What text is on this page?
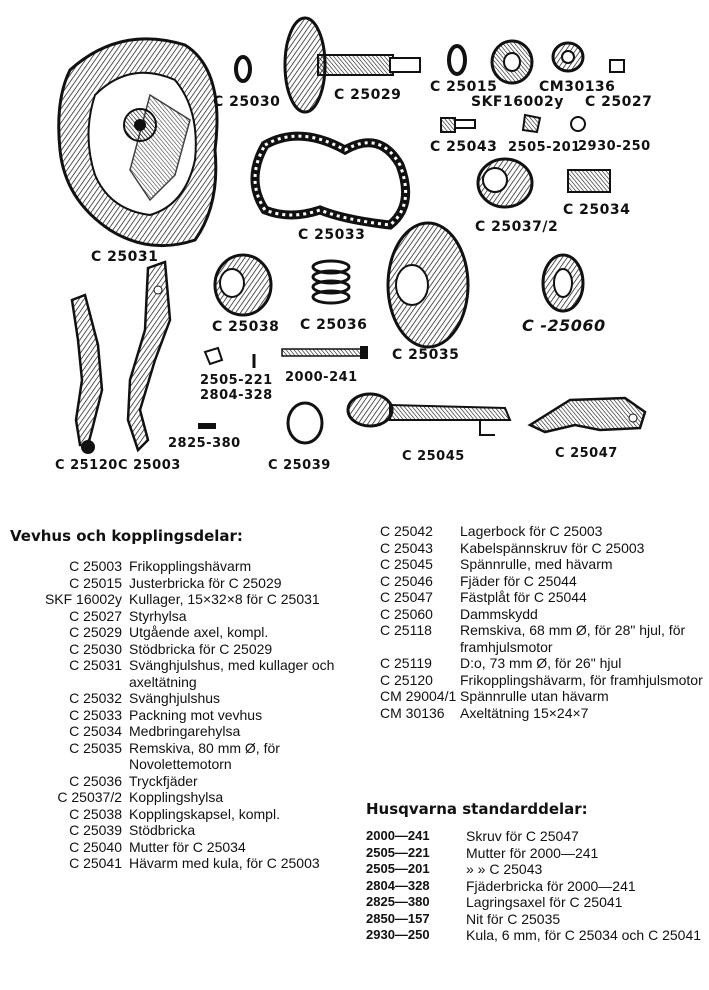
C 25031
C 25030	C 25029 C 25015	CM30136
SKF16002y C 25027
C 25043 2505-201
2930-250
C 25033	C 25037/2
C 25034
C 25038 C 25036
C 25035
C -25060
2505-221
2804-328
2000-241
2825-380
C 25120 C 25003	C 25039
C 25045	C 25047
Vevhus och kopplingsdelar:
C 25003 Frikopplingshävarm
C 25015 Justerbricka för C 25029
SKF 16002y Kullager, 15×32×8 för C 25031
C 25027 Styrhylsa
C 25029 Utgående axel, kompl.
C 25030 Stödbricka för C 25029
C 25031 Svänghjulshus, med kullager och axeltätning
C 25032 Svänghjulshus
C 25033 Packning mot vevhus
C 25034 Medbringarehylsa
C 25035 Remskiva, 80 mm Ø, för Novolettemotorn
C 25036 Tryckfjäder
C 25037/2 Kopplingshylsa
C 25038 Kopplingskapsel, kompl.
C 25039 Stödbricka
C 25040 Mutter för C 25034
C 25041 Hävarm med kula, för C 25003
C 25042	Lagerbock för C 25003
C 25043	Kabelspännskruv för C 25003
C 25045	Spännrulle, med hävarm
C 25046	Fjäder för C 25044
C 25047	Fästplåt för C 25044
C 25060	Dammskydd
C 25118	Remskiva, 68 mm Ø, för 28" hjul, för framhjulsmotor
C 25119	D:o, 73 mm Ø, för 26" hjul
C 25120	Frikopplingshävarm, för framhjulsmotor
CM 29004/1 Spännrulle utan hävarm
CM 30136	Axeltätning 15×24×7
Husqvarna standarddelar:
2000—241	Skruv för C 25047
2505—221	Mutter för 2000—241
2505—201	» » C 25043
2804—328	Fjäderbricka för 2000—241
2825—380	Lagringsaxel för C 25041
2850—157	Nit för C 25035
2930—250	Kula, 6 mm, för C 25034 och C 25041
